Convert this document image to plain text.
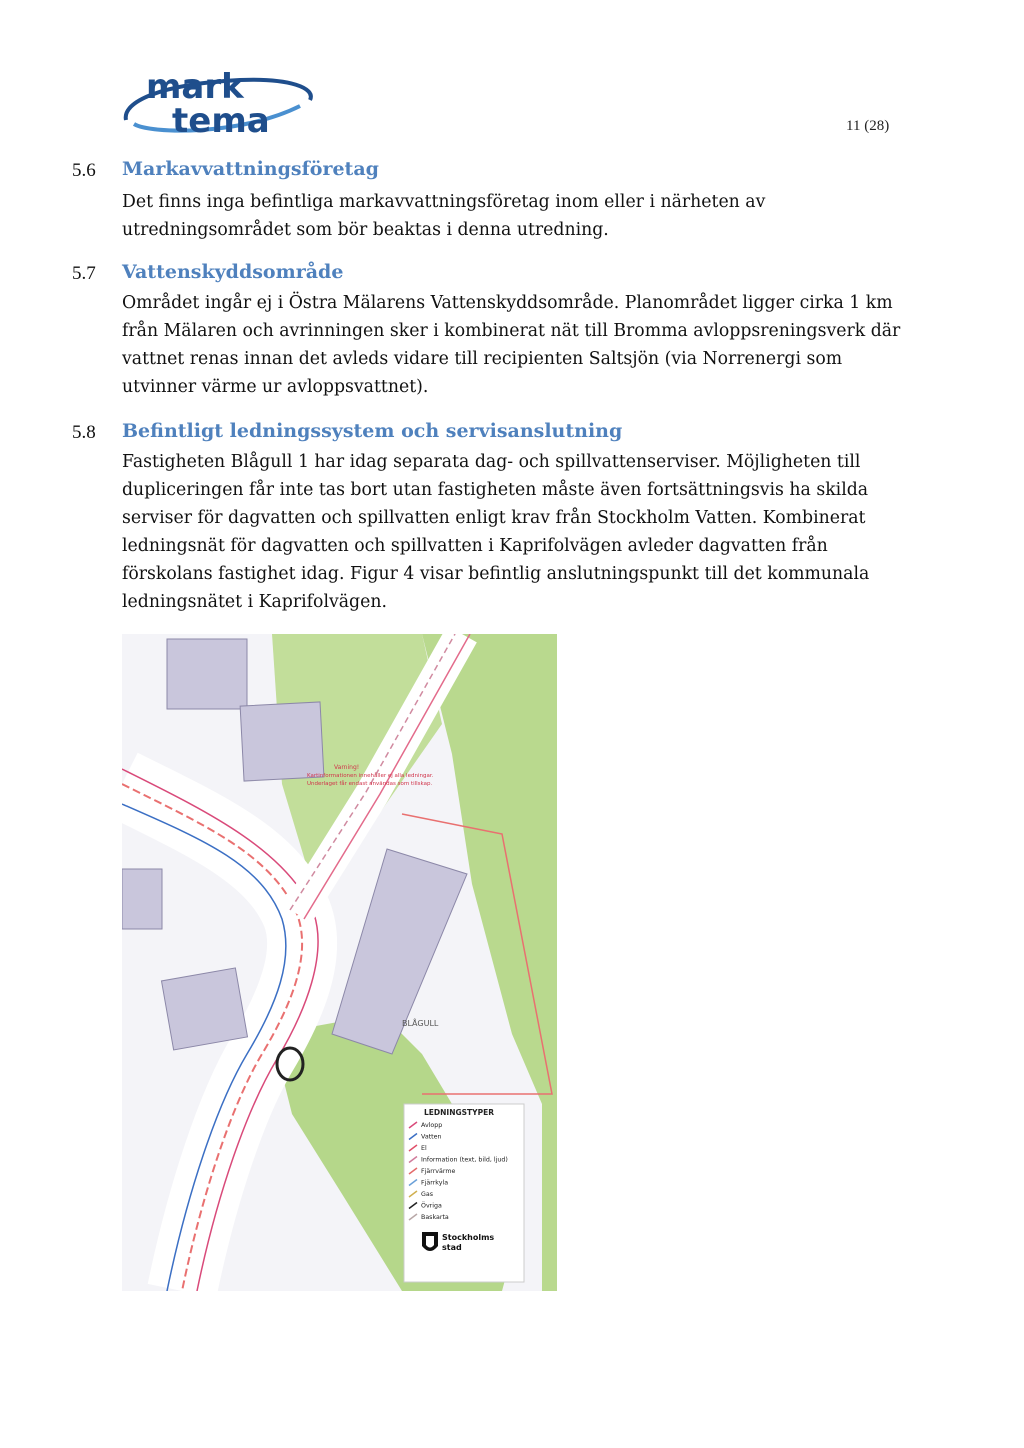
mark
tema	11 (28)
5.6 Markavvattningsföretag
Det finns inga befintliga markavvattningsföretag inom eller i närheten av
utredningsområdet som bör beaktas i denna utredning.
5.7 Vattenskyddsområde
Området ingår ej i Östra Mälarens Vattenskyddsområde. Planområdet ligger cirka 1 km
från Mälaren och avrinningen sker i kombinerat nät till Bromma avloppsreningsverk där
vattnet renas innan det avleds vidare till recipienten Saltsjön (via Norrenergi som
utvinner värme ur avloppsvattnet).
5.8 Befintligt ledningssystem och servisanslutning
Fastigheten Blågull 1 har idag separata dag- och spillvattenserviser. Möjligheten till
dupliceringen får inte tas bort utan fastigheten måste även fortsättningsvis ha skilda
serviser för dagvatten och spillvatten enligt krav från Stockholm Vatten. Kombinerat
ledningsnät för dagvatten och spillvatten i Kaprifolvägen avleder dagvatten från
förskolans fastighet idag. Figur 4 visar befintlig anslutningspunkt till det kommunala
ledningsnätet i Kaprifolvägen.
BLÅGULL
Varning!
Kartinformationen innehåller ej alla ledningar.
Underlaget får endast användas som tillskap.
LEDNINGSTYPER
Avlopp
Vatten
El
Information (text, bild, ljud)
Fjärrvärme
Fjärrkyla
Gas
Övriga
Baskarta
Stockholms
stad
